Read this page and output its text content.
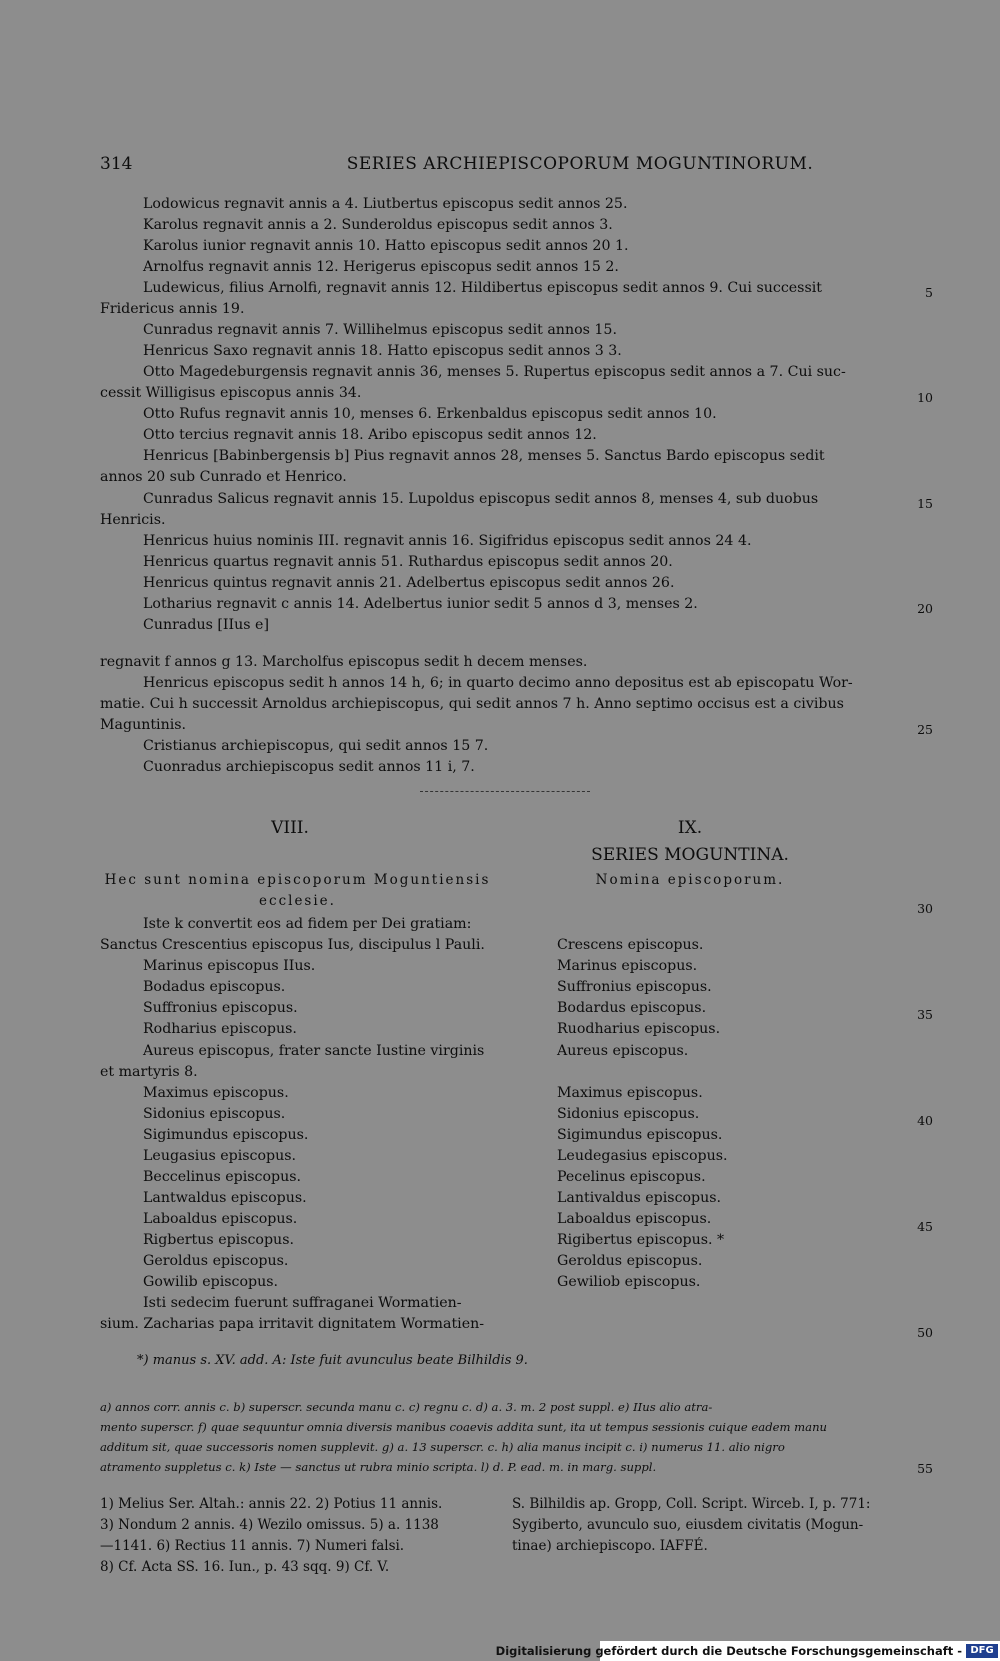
314	SERIES ARCHIEPISCOPORUM MOGUNTINORUM.
Lodowicus regnavit annis a 4. Liutbertus episcopus sedit annos 25.
Karolus regnavit annis a 2. Sunderoldus episcopus sedit annos 3.
Karolus iunior regnavit annis 10. Hatto episcopus sedit annos 20 1.
Arnolfus regnavit annis 12. Herigerus episcopus sedit annos 15 2.
Ludewicus, filius Arnolfi, regnavit annis 12. Hildibertus episcopus sedit annos 9. Cui successit
Fridericus annis 19.
Cunradus regnavit annis 7. Willihelmus episcopus sedit annos 15.
Henricus Saxo regnavit annis 18. Hatto episcopus sedit annos 3 3.
Otto Magedeburgensis regnavit annis 36, menses 5. Rupertus episcopus sedit annos a 7. Cui suc-
cessit Willigisus episcopus annis 34.
Otto Rufus regnavit annis 10, menses 6. Erkenbaldus episcopus sedit annos 10.
Otto tercius regnavit annis 18. Aribo episcopus sedit annos 12.
Henricus [Babinbergensis b] Pius regnavit annos 28, menses 5. Sanctus Bardo episcopus sedit
annos 20 sub Cunrado et Henrico.
Cunradus Salicus regnavit annis 15. Lupoldus episcopus sedit annos 8, menses 4, sub duobus
Henricis.
Henricus huius nominis III. regnavit annis 16. Sigifridus episcopus sedit annos 24 4.
Henricus quartus regnavit annis 51. Ruthardus episcopus sedit annos 20.
Henricus quintus regnavit annis 21. Adelbertus episcopus sedit annos 26.
Lotharius regnavit c annis 14. Adelbertus iunior sedit 5 annos d 3, menses 2.
Cunradus [IIus e]
regnavit f annos g 13. Marcholfus episcopus sedit h decem menses.
Henricus episcopus sedit h annos 14 h, 6; in quarto decimo anno depositus est ab episcopatu Wor-
matie. Cui h successit Arnoldus archiepiscopus, qui sedit annos 7 h. Anno septimo occisus est a civibus
Maguntinis.
Cristianus archiepiscopus, qui sedit annos 15 7.
Cuonradus archiepiscopus sedit annos 11 i, 7.
5
10
15
20
25
30
35
40
45
50
55
VIII.
Hec sunt nomina episcoporum Moguntiensis
ecclesie.
Iste k convertit eos ad fidem per Dei gratiam:
Sanctus Crescentius episcopus Ius, discipulus l Pauli.
Marinus episcopus IIus.
Bodadus episcopus.
Suffronius episcopus.
Rodharius episcopus.
Aureus episcopus, frater sancte Iustine virginis
et martyris 8.
Maximus episcopus.
Sidonius episcopus.
Sigimundus episcopus.
Leugasius episcopus.
Beccelinus episcopus.
Lantwaldus episcopus.
Laboaldus episcopus.
Rigbertus episcopus.
Geroldus episcopus.
Gowilib episcopus.
Isti sedecim fuerunt suffraganei Wormatien-
sium. Zacharias papa irritavit dignitatem Wormatien-
IX.
SERIES MOGUNTINA.
Nomina episcoporum.
Crescens episcopus.
Marinus episcopus.
Suffronius episcopus.
Bodardus episcopus.
Ruodharius episcopus.
Aureus episcopus.
Maximus episcopus.
Sidonius episcopus.
Sigimundus episcopus.
Leudegasius episcopus.
Pecelinus episcopus.
Lantivaldus episcopus.
Laboaldus episcopus.
Rigibertus episcopus. *
Geroldus episcopus.
Gewiliob episcopus.
*) manus s. XV. add. A: Iste fuit avunculus beate Bilhildis 9.
a) annos corr. annis c. b) superscr. secunda manu c. c) regnu c. d) a. 3. m. 2 post suppl. e) IIus alio atra-
mento superscr. f) quae sequuntur omnia diversis manibus coaevis addita sunt, ita ut tempus sessionis cuique eadem manu
additum sit, quae successoris nomen supplevit. g) a. 13 superscr. c. h) alia manus incipit c. i) numerus 11. alio nigro
atramento suppletus c. k) Iste — sanctus ut rubra minio scripta. l) d. P. ead. m. in marg. suppl.
1) Melius Ser. Altah.: annis 22. 2) Potius 11 annis.
3) Nondum 2 annis. 4) Wezilo omissus. 5) a. 1138
—1141. 6) Rectius 11 annis. 7) Numeri falsi.
8) Cf. Acta SS. 16. Iun., p. 43 sqq. 9) Cf. V.
S. Bilhildis ap. Gropp, Coll. Script. Wirceb. I, p. 771:
Sygiberto, avunculo suo, eiusdem civitatis (Mogun-
tinae) archiepiscopo. IAFFÉ.
Digitalisierung gefördert durch die Deutsche Forschungsgemeinschaft - DFG
